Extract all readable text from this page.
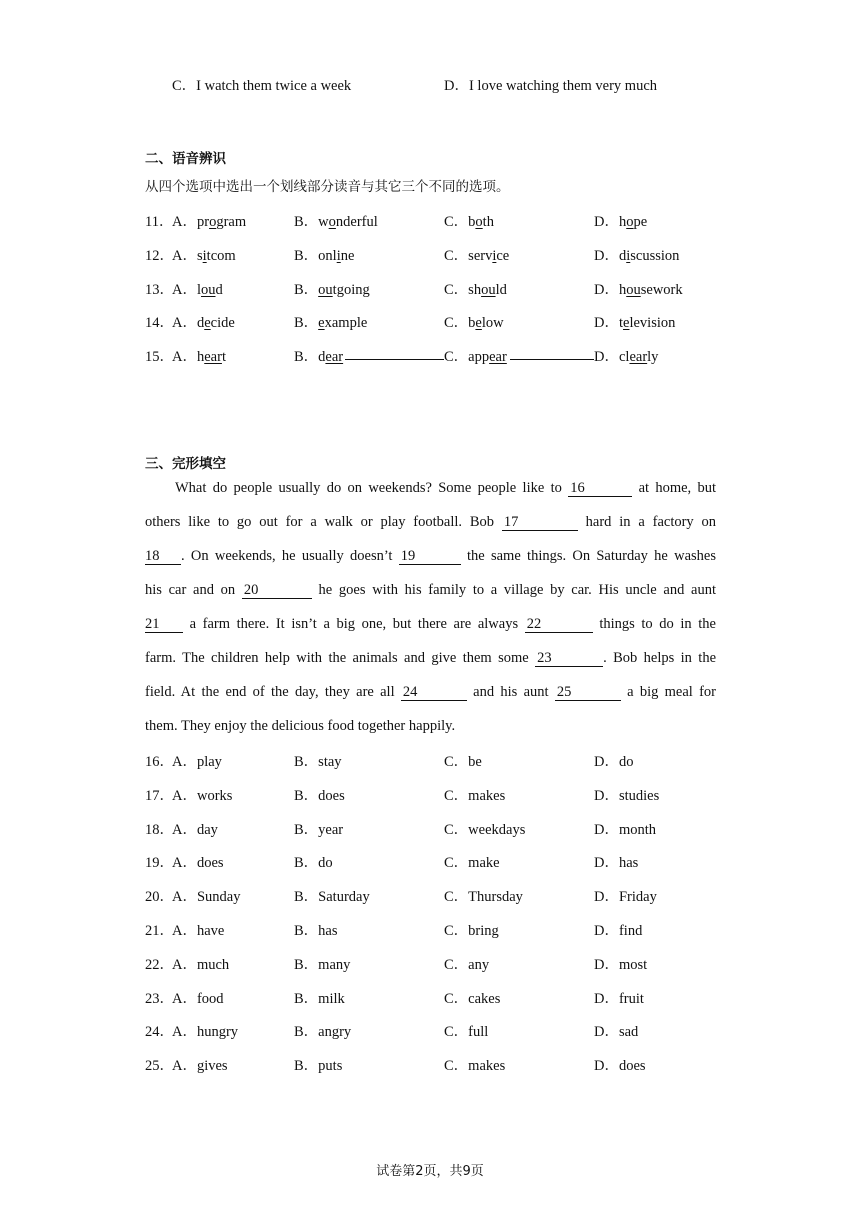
C．I watch them twice a week	D．I love watching them very much
二、语音辨识
从四个选项中选出一个划线部分读音与其它三个不同的选项。
11．
A．program	B．wonderful	C．both	D．hope
12．
A．sitcom	B．online	C．service	D．discussion
13．
A．loud	B．outgoing	C．should	D．housework
14．
A．decide	B．example	C．below	D．television
15．
A．heart	B．dear	C．appear	D．clearly
三、完形填空
What do people usually do on weekends? Some people like to 16	at home, but
others like to go out for a walk or play football. Bob 17	hard in a factory on
18 . On weekends, he usually doesn’t 19	the same things. On Saturday he washes
his car and on 20	he goes with his family to a village by car. His uncle and aunt
21 a farm there. It isn’t a big one, but there are always 22	things to do in the
farm. The children help with the animals and give them some 23	. Bob helps in the
field. At the end of the day, they are all 24	and his aunt 25	a big meal for
them. They enjoy the delicious food together happily.
16．
A．play	B．stay	C．be	D．do
17．
A．works	B．does	C．makes	D．studies
18．
A．day	B．year	C．weekdays	D．month
19．
A．does	B．do	C．make	D．has
20．
A．Sunday	B．Saturday	C．Thursday	D．Friday
21．
A．have	B．has	C．bring	D．find
22．
A．much	B．many	C．any	D．most
23．
A．food	B．milk	C．cakes	D．fruit
24．
A．hungry	B．angry	C．full	D．sad
25．
A．gives	B．puts	C．makes	D．does
试卷第2页，共9页
